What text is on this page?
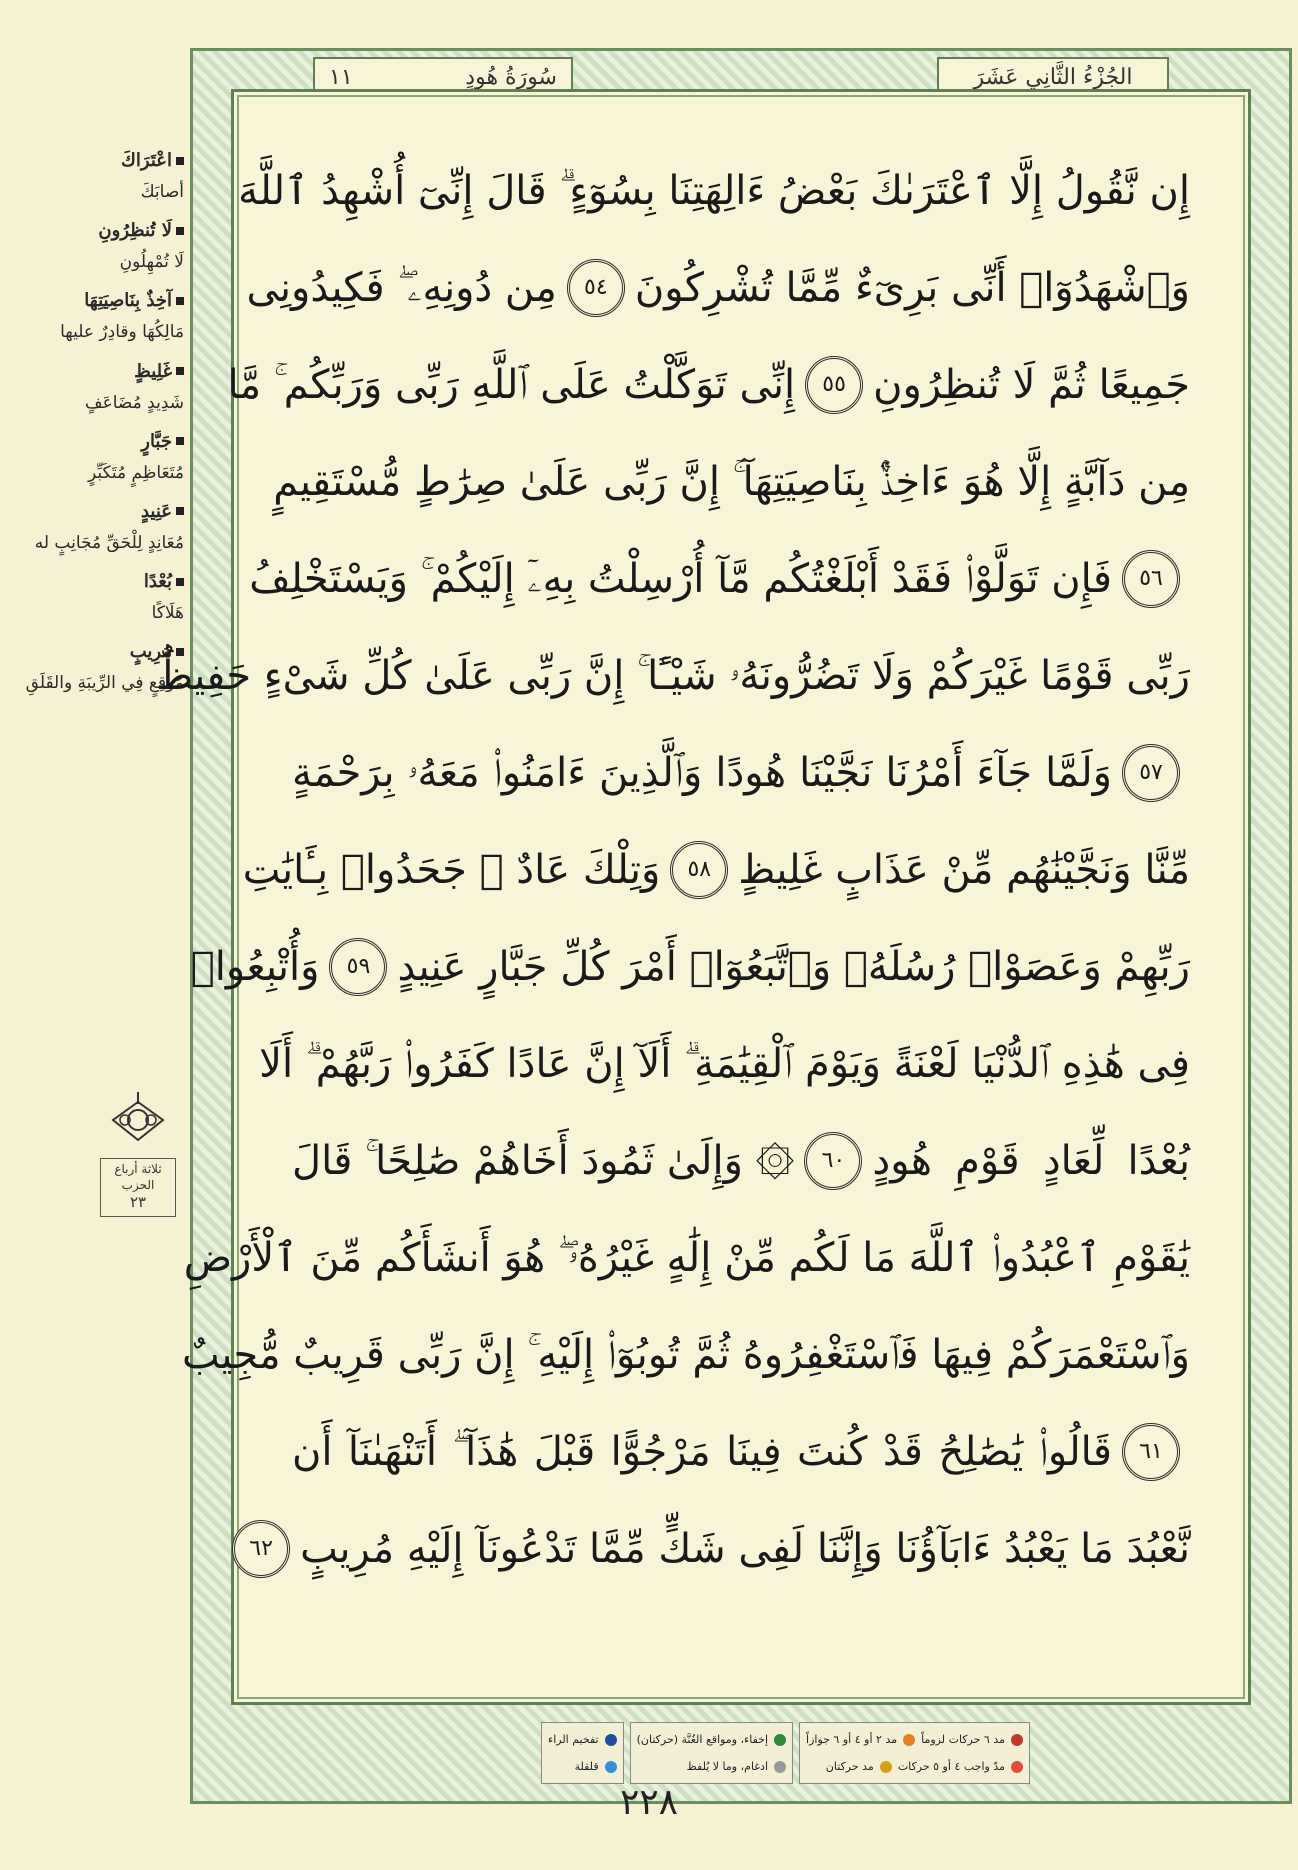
اعْتَرَاكَ
أصابَكَ
لَا تُنظِرُونِ
لَا تُمْهِلُونِ
آخِذٌ بِنَاصِيَتِهَا
مَالِكُهَا وقادِرٌ عليها
غَلِيظٍ
شَدِيدٍ مُضَاعَفٍ
جَبَّارٍ
مُتَعَاظِمٍ مُتَكَبِّرٍ
عَنِيدٍ
مُعَانِدٍ لِلْحَقِّ مُجَانِبٍ له
بُعْدًا
هَلَاكًا
مُرِيبٍ
مُوقِعٍ فِي الرِّيبَةِ والقَلَقِ
ثلاثة أرباع
الحزب
٢٣
سُورَةُ هُودٍ
١١	الجُزْءُ الثَّانِي عَشَرَ
إِن نَّقُولُ إِلَّا ٱعْتَرَىٰكَ بَعْضُ ءَالِهَتِنَا بِسُوٓءٍ ۗ قَالَ إِنِّىٓ أُشْهِدُ ٱللَّهَ
وَٱشْهَدُوٓا۟ أَنِّى بَرِىٓءٌ مِّمَّا تُشْرِكُونَ
٥٤
مِن دُونِهِۦ ۖ فَكِيدُونِى
جَمِيعًا ثُمَّ لَا تُنظِرُونِ
٥٥
إِنِّى تَوَكَّلْتُ عَلَى ٱللَّهِ رَبِّى وَرَبِّكُم ۚ مَّا
مِن دَآبَّةٍ إِلَّا هُوَ ءَاخِذٌۢ بِنَاصِيَتِهَآ ۚ إِنَّ رَبِّى عَلَىٰ صِرَٰطٍ مُّسْتَقِيمٍ
٥٦
فَإِن تَوَلَّوْا۟ فَقَدْ أَبْلَغْتُكُم مَّآ أُرْسِلْتُ بِهِۦٓ إِلَيْكُمْ ۚ وَيَسْتَخْلِفُ
رَبِّى قَوْمًا غَيْرَكُمْ وَلَا تَضُرُّونَهُۥ شَيْـًٔا ۚ إِنَّ رَبِّى عَلَىٰ كُلِّ شَىْءٍ حَفِيظٌ
٥٧
وَلَمَّا جَآءَ أَمْرُنَا نَجَّيْنَا هُودًا وَٱلَّذِينَ ءَامَنُوا۟ مَعَهُۥ بِرَحْمَةٍ
مِّنَّا وَنَجَّيْنَٰهُم مِّنْ عَذَابٍ غَلِيظٍ
٥٨
وَتِلْكَ عَادٌ ۖ جَحَدُوا۟ بِـَٔايَٰتِ
رَبِّهِمْ وَعَصَوْا۟ رُسُلَهُۥ وَٱتَّبَعُوٓا۟ أَمْرَ كُلِّ جَبَّارٍ عَنِيدٍ
٥٩
وَأُتْبِعُوا۟
فِى هَٰذِهِ ٱلدُّنْيَا لَعْنَةً وَيَوْمَ ٱلْقِيَٰمَةِ ۗ أَلَآ إِنَّ عَادًا كَفَرُوا۟ رَبَّهُمْ ۗ أَلَا
بُعْدًا لِّعَادٍ قَوْمِ هُودٍ
٦٠
۞ وَإِلَىٰ ثَمُودَ أَخَاهُمْ صَٰلِحًا ۚ قَالَ
يَٰقَوْمِ ٱعْبُدُوا۟ ٱللَّهَ مَا لَكُم مِّنْ إِلَٰهٍ غَيْرُهُۥ ۖ هُوَ أَنشَأَكُم مِّنَ ٱلْأَرْضِ
وَٱسْتَعْمَرَكُمْ فِيهَا فَٱسْتَغْفِرُوهُ ثُمَّ تُوبُوٓا۟ إِلَيْهِ ۚ إِنَّ رَبِّى قَرِيبٌ مُّجِيبٌ
٦١
قَالُوا۟ يَٰصَٰلِحُ قَدْ كُنتَ فِينَا مَرْجُوًّا قَبْلَ هَٰذَآ ۖ أَتَنْهَىٰنَآ أَن
نَّعْبُدَ مَا يَعْبُدُ ءَابَآؤُنَا وَإِنَّنَا لَفِى شَكٍّ مِّمَّا تَدْعُونَآ إِلَيْهِ مُرِيبٍ
٦٢
مد ٦ حركات لزوماً
مد ٢ أو ٤ أو ٦ جوازاً
مدّ واجب ٤ أو ٥ حركات
مد حركتان
إخفاء، ومواقع الغُنَّة (حركتان)
ادغام، وما لا يُلفظ
تفخيم الراء
قلقلة
٢٢٨
